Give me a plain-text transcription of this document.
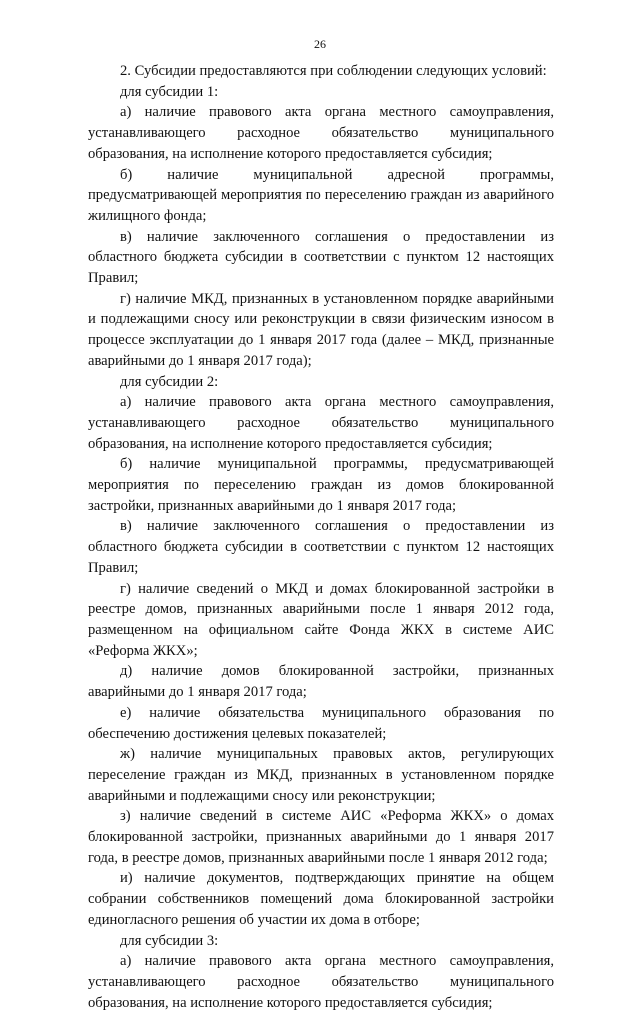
26

2. Субсидии предоставляются при соблюдении следующих условий:

для субсидии 1:

а) наличие правового акта органа местного самоуправления, устанавливающего расходное обязательство муниципального образования, на исполнение которого предоставляется субсидия;

б) наличие муниципальной адресной программы, предусматривающей мероприятия по переселению граждан из аварийного жилищного фонда;

в) наличие заключенного соглашения о предоставлении из областного бюджета субсидии в соответствии с пунктом 12 настоящих Правил;

г) наличие МКД, признанных в установленном порядке аварийными и подлежащими сносу или реконструкции в связи физическим износом в процессе эксплуатации до 1 января 2017 года (далее – МКД, признанные аварийными до 1 января 2017 года);

для субсидии 2:

а) наличие правового акта органа местного самоуправления, устанавливающего расходное обязательство муниципального образования, на исполнение которого предоставляется субсидия;

б) наличие муниципальной программы, предусматривающей мероприятия по переселению граждан из домов блокированной застройки, признанных аварийными до 1 января 2017 года;

в) наличие заключенного соглашения о предоставлении из областного бюджета субсидии в соответствии с пунктом 12 настоящих Правил;

г) наличие сведений о МКД и домах блокированной застройки в реестре домов, признанных аварийными после 1 января 2012 года, размещенном на официальном сайте Фонда ЖКХ в системе АИС «Реформа ЖКХ»;

д) наличие домов блокированной застройки, признанных аварийными до 1 января 2017 года;

е) наличие обязательства муниципального образования по обеспечению достижения целевых показателей;

ж) наличие муниципальных правовых актов, регулирующих переселение граждан из МКД, признанных в установленном порядке аварийными и подлежащими сносу или реконструкции;

з) наличие сведений в системе АИС «Реформа ЖКХ» о домах блокированной застройки, признанных аварийными до 1 января 2017 года, в реестре домов, признанных аварийными после 1 января 2012 года;

и) наличие документов, подтверждающих принятие на общем собрании собственников помещений дома блокированной застройки единогласного решения об участии их дома в отборе;

для субсидии 3:

а) наличие правового акта органа местного самоуправления, устанавливающего расходное обязательство муниципального образования, на исполнение которого предоставляется субсидия;
